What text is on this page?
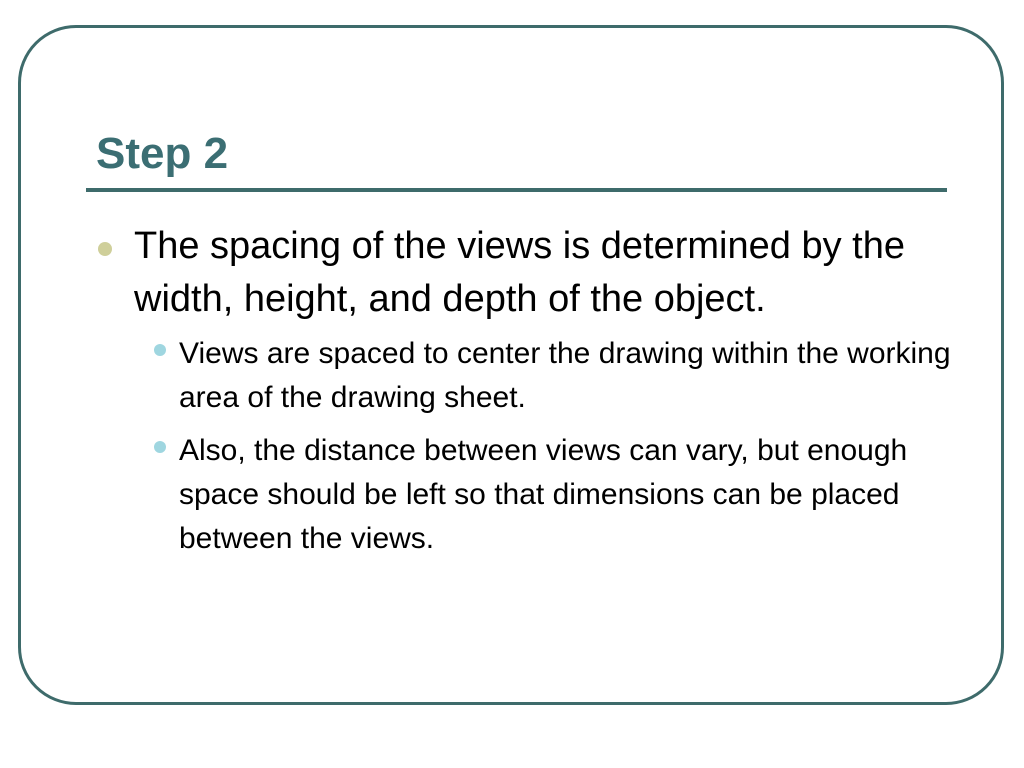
Step 2

The spacing of the views is determined by the width, height, and depth of the object.

Views are spaced to center the drawing within the working area of the drawing sheet.

Also, the distance between views can vary, but enough space should be left so that dimensions can be placed between the views.
